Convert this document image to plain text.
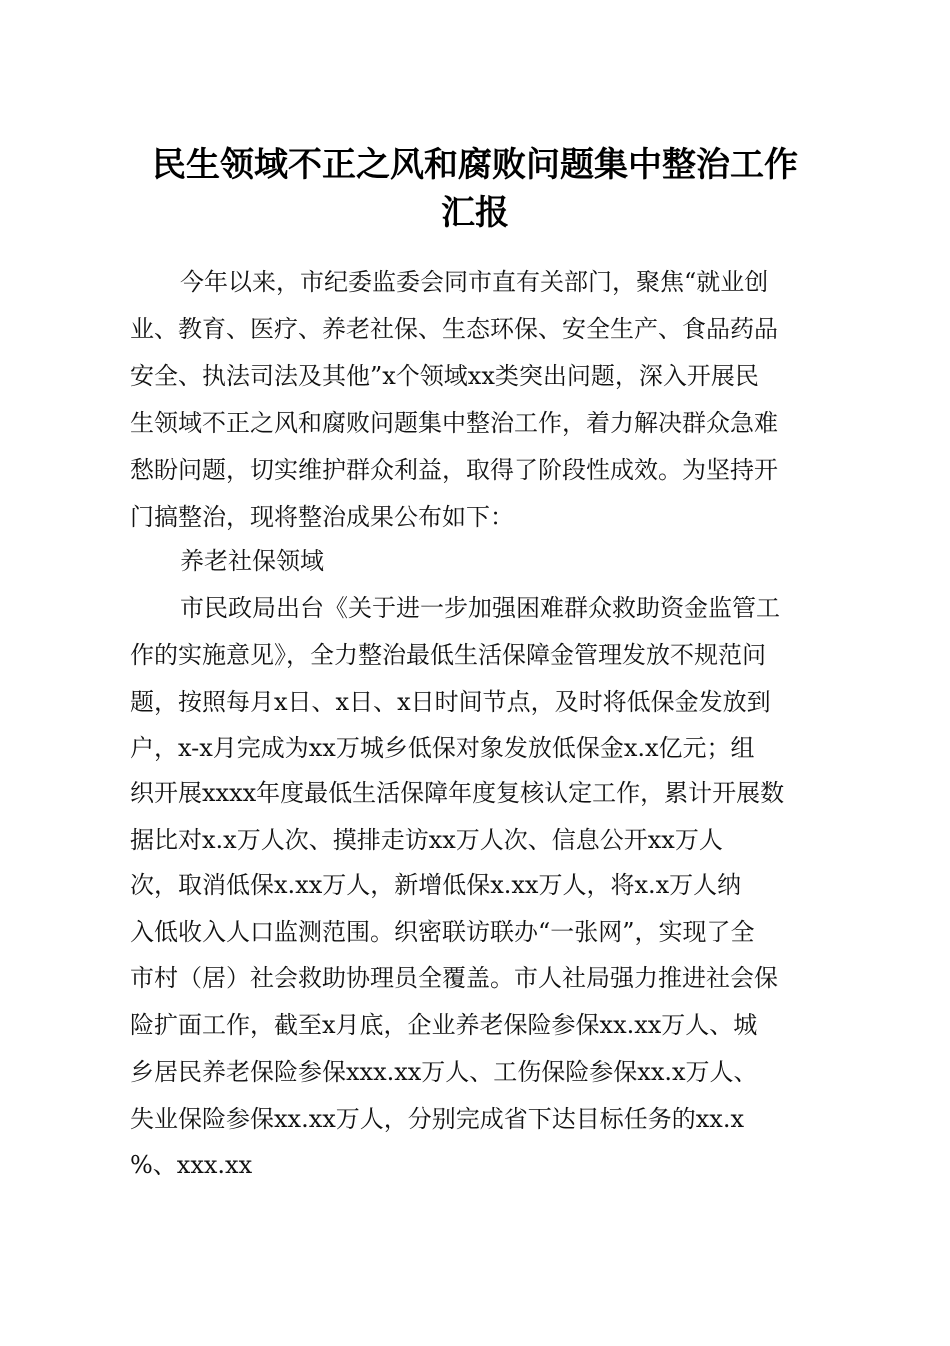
民生领域不正之风和腐败问题集中整治工作
汇报

今年以来，市纪委监委会同市直有关部门，聚焦“就业创

业、教育、医疗、养老社保、生态环保、安全生产、食品药品

安全、执法司法及其他”x个领域xx类突出问题，深入开展民

生领域不正之风和腐败问题集中整治工作，着力解决群众急难

愁盼问题，切实维护群众利益，取得了阶段性成效。为坚持开

门搞整治，现将整治成果公布如下：

养老社保领域

市民政局出台《关于进一步加强困难群众救助资金监管工

作的实施意见》，全力整治最低生活保障金管理发放不规范问

题，按照每月x日、x日、x日时间节点，及时将低保金发放到

户，x-x月完成为xx万城乡低保对象发放低保金x.x亿元；组

织开展xxxx年度最低生活保障年度复核认定工作，累计开展数

据比对x.x万人次、摸排走访xx万人次、信息公开xx万人

次，取消低保x.xx万人，新增低保x.xx万人，将x.x万人纳

入低收入人口监测范围。织密联访联办“一张网”，实现了全

市村（居）社会救助协理员全覆盖。市人社局强力推进社会保

险扩面工作，截至x月底，企业养老保险参保xx.xx万人、城

乡居民养老保险参保xxx.xx万人、工伤保险参保xx.x万人、

失业保险参保xx.xx万人，分别完成省下达目标任务的xx.x

%、xxx.xx
